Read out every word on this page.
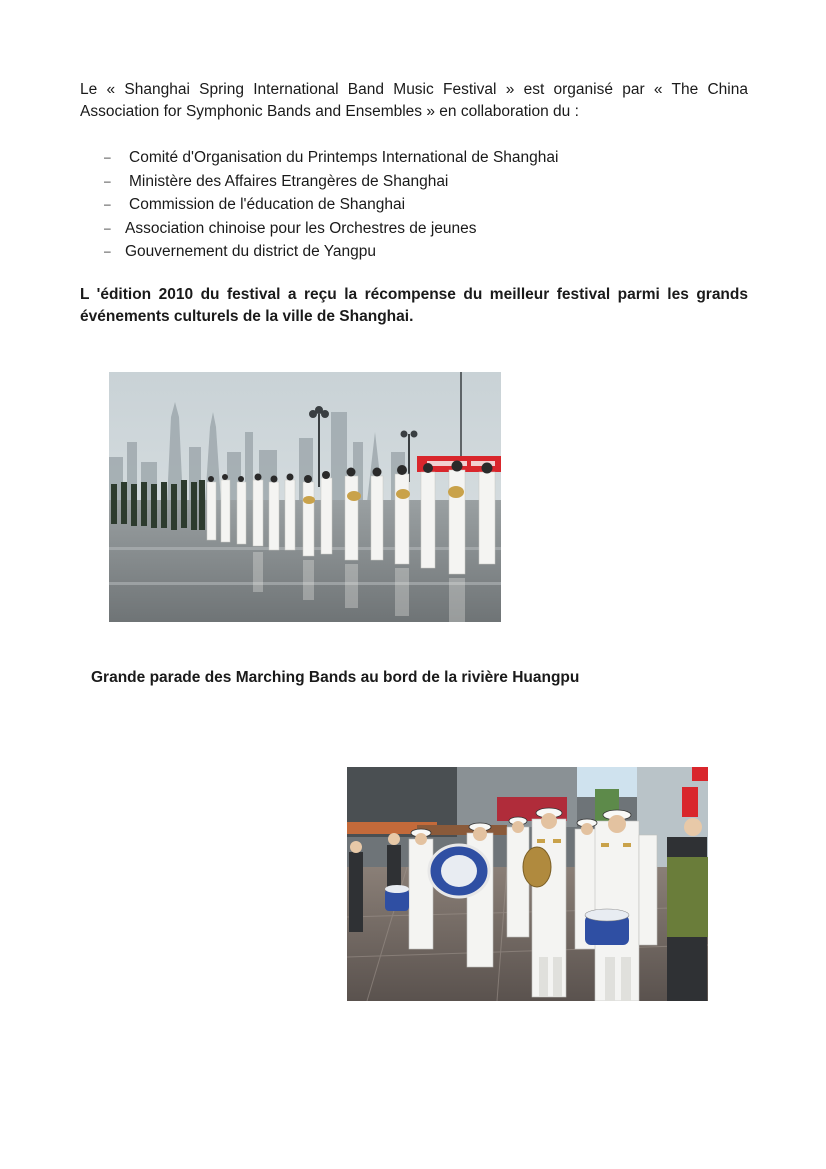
Le « Shanghai Spring International Band Music Festival » est organisé par « The China Association for Symphonic Bands and Ensembles » en collaboration du :

–	Comité d'Organisation du Printemps International de Shanghai
–	Ministère des Affaires Etrangères de Shanghai
–	Commission de l'éducation de Shanghai
– Association chinoise pour les Orchestres de jeunes
– Gouvernement du district de Yangpu

L 'édition 2010 du festival a reçu la récompense du meilleur festival parmi les grands événements culturels de la ville de Shanghai.

Grande parade des Marching Bands au bord de la rivière Huangpu
